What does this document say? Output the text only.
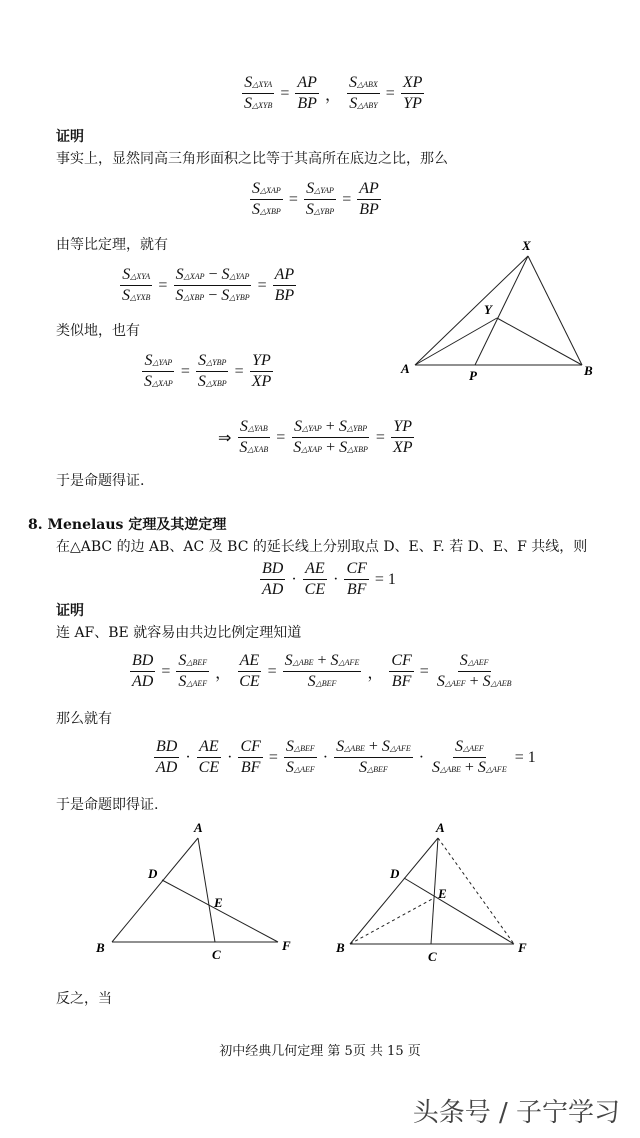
$\frac{\text{S△XYA}}{\text{S△XYB}} = \frac{AP}{BP}$ ， $\frac{\text{S△ABX}}{\text{S△ABY}} = \frac{XP}{YP}$
证明
事实上，显然同高三角形面积之比等于其高所在底边之比，那么
$\frac{\text{S△XAP}}{\text{S△XBP}} = \frac{\text{S△YAP}}{\text{S△YBP}} = \frac{AP}{BP}$
由等比定理，就有
$\frac{\text{S△XYA}}{\text{S△YXB}} = \frac{\text{S△XAP − S△YAP}}{\text{S△XBP − S△YBP}} = \frac{AP}{BP}$
类似地，也有
$\frac{\text{S△YAP}}{\text{S△XAP}} = \frac{\text{S△YBP}}{\text{S△XBP}} = \frac{YP}{XP}$
X
Y
A	P	B
⇒ $\frac{\text{S△YAB}}{\text{S△XAB}} = \frac{\text{S△YAP + S△YBP}}{\text{S△XAP + S△XBP}} = \frac{YP}{XP}$
于是命题得证.
8. Menelaus 定理及其逆定理
在△ABC 的边 AB、AC 及 BC 的延长线上分别取点 D、E、F. 若 D、E、F 共线，则
$\frac{BD}{AD} \cdot \frac{AE}{CE} \cdot \frac{CF}{BF} = 1$
证明
连 AF、BE 就容易由共边比例定理知道
$\frac{BD}{AD} = \frac{\text{S△BEF}}{\text{S△AEF}}$ ， $\frac{AE}{CE} = \frac{\text{S△ABE + S△AFE}}{\text{S△BEF}}$ ， $\frac{CF}{BF} = \frac{\text{S△AEF}}{\text{S△AEF + S△AEB}}$
那么就有
$\frac{BD}{AD} \cdot \frac{AE}{CE} \cdot \frac{CF}{BF} = \frac{\text{S△BEF}}{\text{S△AEF}} \cdot \frac{\text{S△ABE + S△AFE}}{\text{S△BEF}} \cdot \frac{\text{S△AEF}}{\text{S△ABE + S△AFE}} = 1$
于是命题即得证.
A
D
E
B	C
F
A
D
E
B
C
F
反之，当
初中经典几何定理 第 5页 共 15 页
头条号 / 子宁学习
